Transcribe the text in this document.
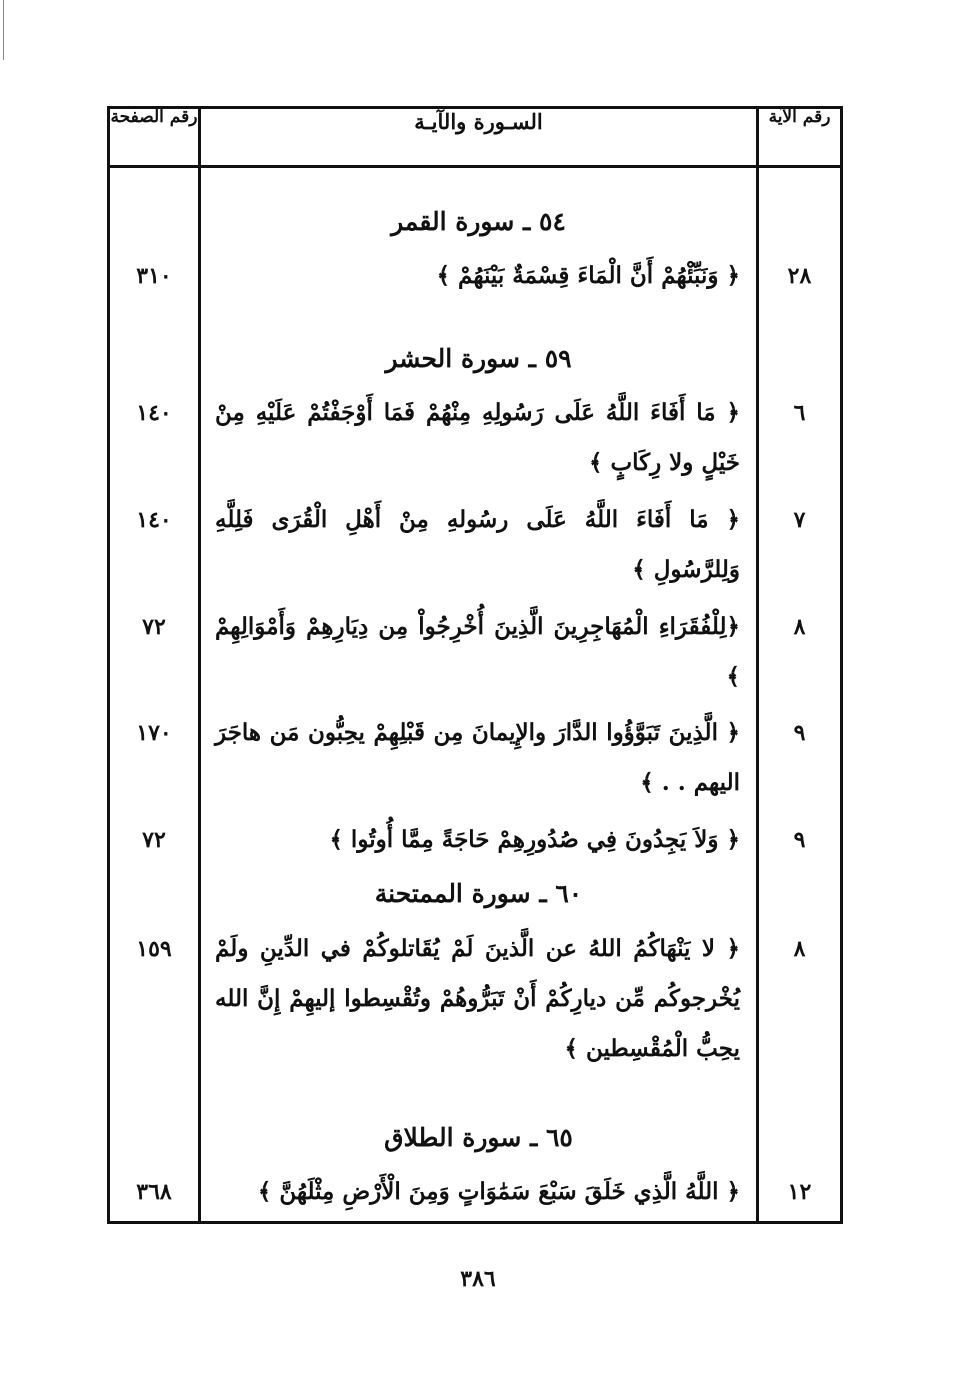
رقم الآية	السـورة والآيـة	رقم الصفحة

	٥٤ ـ سورة القمر	

٢٨	﴿ وَنَبِّئْهُمْ أَنَّ الْمَاءَ قِسْمَةٌ بَيْنَهُمْ ﴾	٣١٠

	٥٩ ـ سورة الحشر	

٦	﴿ مَا أَفَاءَ اللَّهُ عَلَى رَسُولِهِ مِنْهُمْ فَمَا أَوْجَفْتُمْ عَلَيْهِ مِنْ خَيْلٍ ولا رِكَابٍ ﴾	١٤٠

٧	﴿ مَا أَفَاءَ اللَّهُ عَلَى رسُولهِ مِنْ أَهْلِ الْقُرَى فَلِلَّهِ وَلِلرَّسُولِ ﴾	١٤٠

٨	﴿لِلْفُقَرَاءِ الْمُهَاجِرِينَ الَّذِينَ أُخْرِجُواْ مِن دِيَارِهِمْ وَأَمْوَالِهِمْ ﴾	٧٢

٩	﴿ الَّذِينَ تَبَوَّؤُوا الدَّارَ والإِيمانَ مِن قَبْلِهِمْ يحِبُّون مَن هاجَرَ اليهم . . ﴾	١٧٠

٩	﴿ وَلاَ يَجِدُونَ فِي صُدُورِهِمْ حَاجَةً مِمَّا أُوتُوا ﴾	٧٢

	٦٠ ـ سورة الممتحنة	

٨	﴿ لا يَنْهَاكُمُ اللهُ عن الَّذينَ لَمْ يُقَاتلوكُمْ في الدِّينِ ولَمْ يُخْرجوكُم مِّن ديارِكُمْ أَنْ تَبَرُّوهُمْ وتُقْسِطوا إليهِمْ إِنَّ الله يحِبُّ الْمُقْسِطين ﴾	١٥٩

	٦٥ ـ سورة الطلاق	

١٢	﴿ اللَّهُ الَّذِي خَلَقَ سَبْعَ سَمَٰوَاتٍ وَمِنَ الْأَرْضِ مِثْلَهُنَّ ﴾	٣٦٨

٣٨٦
